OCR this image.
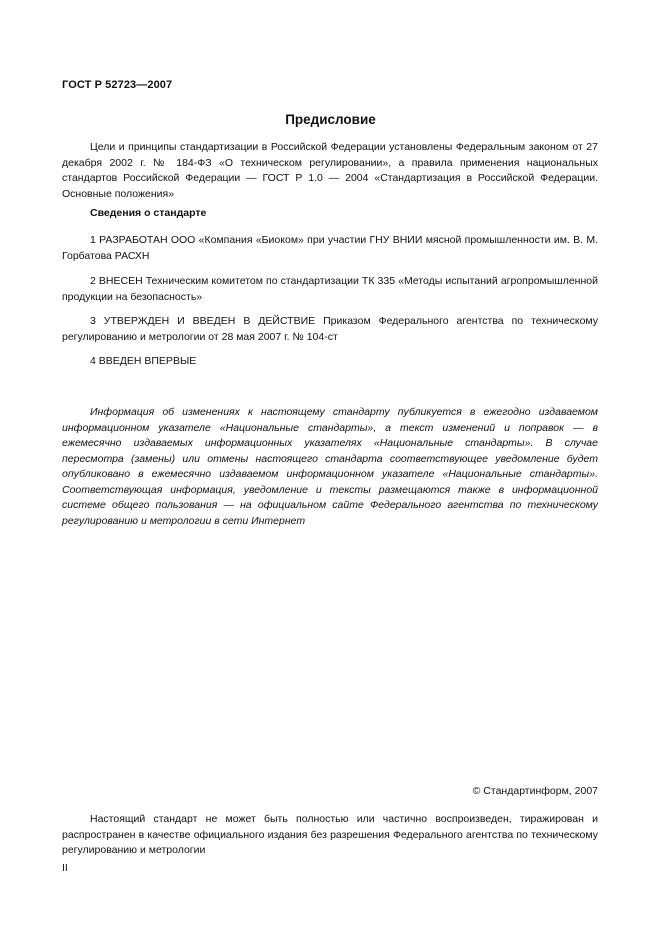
ГОСТ Р 52723—2007
Предисловие
Цели и принципы стандартизации в Российской Федерации установлены Федеральным законом от 27 декабря 2002 г. № 184-ФЗ «О техническом регулировании», а правила применения национальных стандартов Российской Федерации — ГОСТ Р 1.0 — 2004 «Стандартизация в Российской Федерации. Основные положения»
Сведения о стандарте
1 РАЗРАБОТАН ООО «Компания «Биоком» при участии ГНУ ВНИИ мясной промышленности им. В. М. Горбатова РАСХН
2 ВНЕСЕН Техническим комитетом по стандартизации ТК 335 «Методы испытаний агропромышленной продукции на безопасность»
3 УТВЕРЖДЕН И ВВЕДЕН В ДЕЙСТВИЕ Приказом Федерального агентства по техническому регулированию и метрологии от 28 мая 2007 г. № 104-ст
4 ВВЕДЕН ВПЕРВЫЕ
Информация об изменениях к настоящему стандарту публикуется в ежегодно издаваемом информационном указателе «Национальные стандарты», а текст изменений и поправок — в ежемесячно издаваемых информационных указателях «Национальные стандарты». В случае пересмотра (замены) или отмены настоящего стандарта соответствующее уведомление будет опубликовано в ежемесячно издаваемом информационном указателе «Национальные стандарты». Соответствующая информация, уведомление и тексты размещаются также в информационной системе общего пользования — на официальном сайте Федерального агентства по техническому регулированию и метрологии в сети Интернет
© Стандартинформ, 2007
Настоящий стандарт не может быть полностью или частично воспроизведен, тиражирован и распространен в качестве официального издания без разрешения Федерального агентства по техническому регулированию и метрологии
II
